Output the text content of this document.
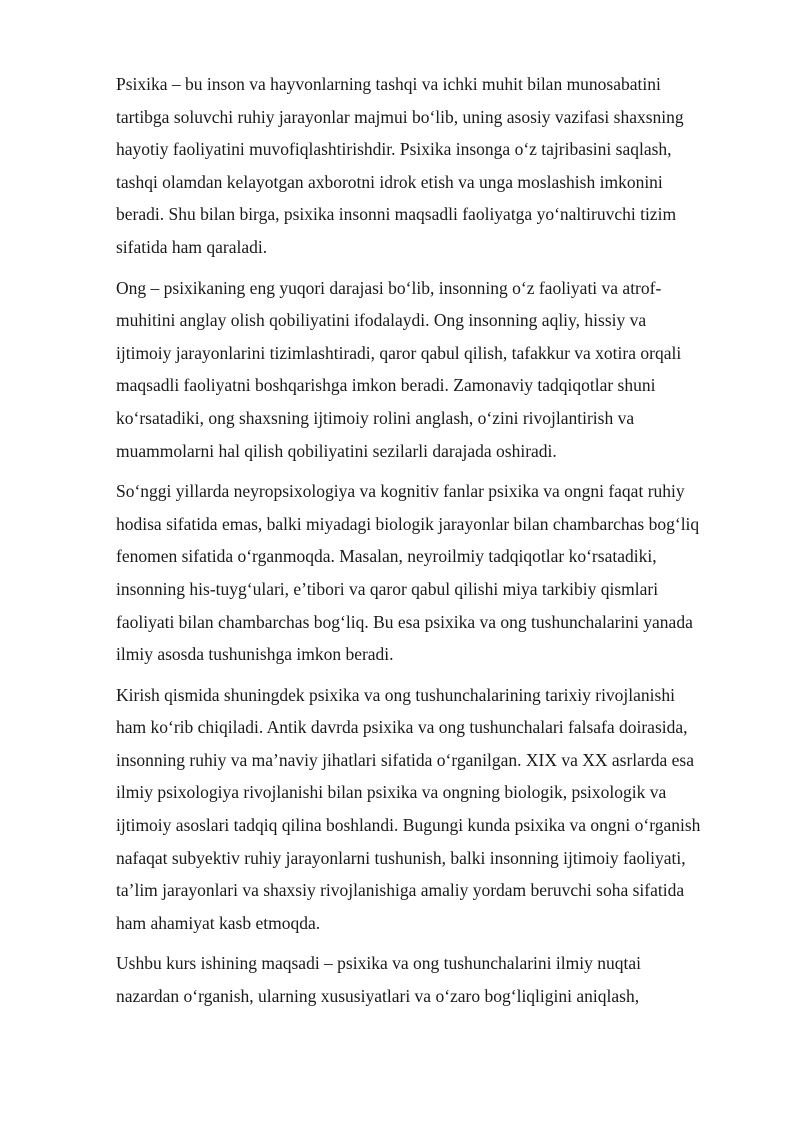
Psixika – bu inson va hayvonlarning tashqi va ichki muhit bilan munosabatini
tartibga soluvchi ruhiy jarayonlar majmui bo‘lib, uning asosiy vazifasi shaxsning
hayotiy faoliyatini muvofiqlashtirishdir. Psixika insonga o‘z tajribasini saqlash,
tashqi olamdan kelayotgan axborotni idrok etish va unga moslashish imkonini
beradi. Shu bilan birga, psixika insonni maqsadli faoliyatga yo‘naltiruvchi tizim
sifatida ham qaraladi.

Ong – psixikaning eng yuqori darajasi bo‘lib, insonning o‘z faoliyati va atrof-
muhitini anglay olish qobiliyatini ifodalaydi. Ong insonning aqliy, hissiy va
ijtimoiy jarayonlarini tizimlashtiradi, qaror qabul qilish, tafakkur va xotira orqali
maqsadli faoliyatni boshqarishga imkon beradi. Zamonaviy tadqiqotlar shuni
ko‘rsatadiki, ong shaxsning ijtimoiy rolini anglash, o‘zini rivojlantirish va
muammolarni hal qilish qobiliyatini sezilarli darajada oshiradi.

So‘nggi yillarda neyropsixologiya va kognitiv fanlar psixika va ongni faqat ruhiy
hodisa sifatida emas, balki miyadagi biologik jarayonlar bilan chambarchas bog‘liq
fenomen sifatida o‘rganmoqda. Masalan, neyroilmiy tadqiqotlar ko‘rsatadiki,
insonning his-tuyg‘ulari, e’tibori va qaror qabul qilishi miya tarkibiy qismlari
faoliyati bilan chambarchas bog‘liq. Bu esa psixika va ong tushunchalarini yanada
ilmiy asosda tushunishga imkon beradi.

Kirish qismida shuningdek psixika va ong tushunchalarining tarixiy rivojlanishi
ham ko‘rib chiqiladi. Antik davrda psixika va ong tushunchalari falsafa doirasida,
insonning ruhiy va ma’naviy jihatlari sifatida o‘rganilgan. XIX va XX asrlarda esa
ilmiy psixologiya rivojlanishi bilan psixika va ongning biologik, psixologik va
ijtimoiy asoslari tadqiq qilina boshlandi. Bugungi kunda psixika va ongni o‘rganish
nafaqat subyektiv ruhiy jarayonlarni tushunish, balki insonning ijtimoiy faoliyati,
ta’lim jarayonlari va shaxsiy rivojlanishiga amaliy yordam beruvchi soha sifatida
ham ahamiyat kasb etmoqda.

Ushbu kurs ishining maqsadi – psixika va ong tushunchalarini ilmiy nuqtai
nazardan o‘rganish, ularning xususiyatlari va o‘zaro bog‘liqligini aniqlash,
